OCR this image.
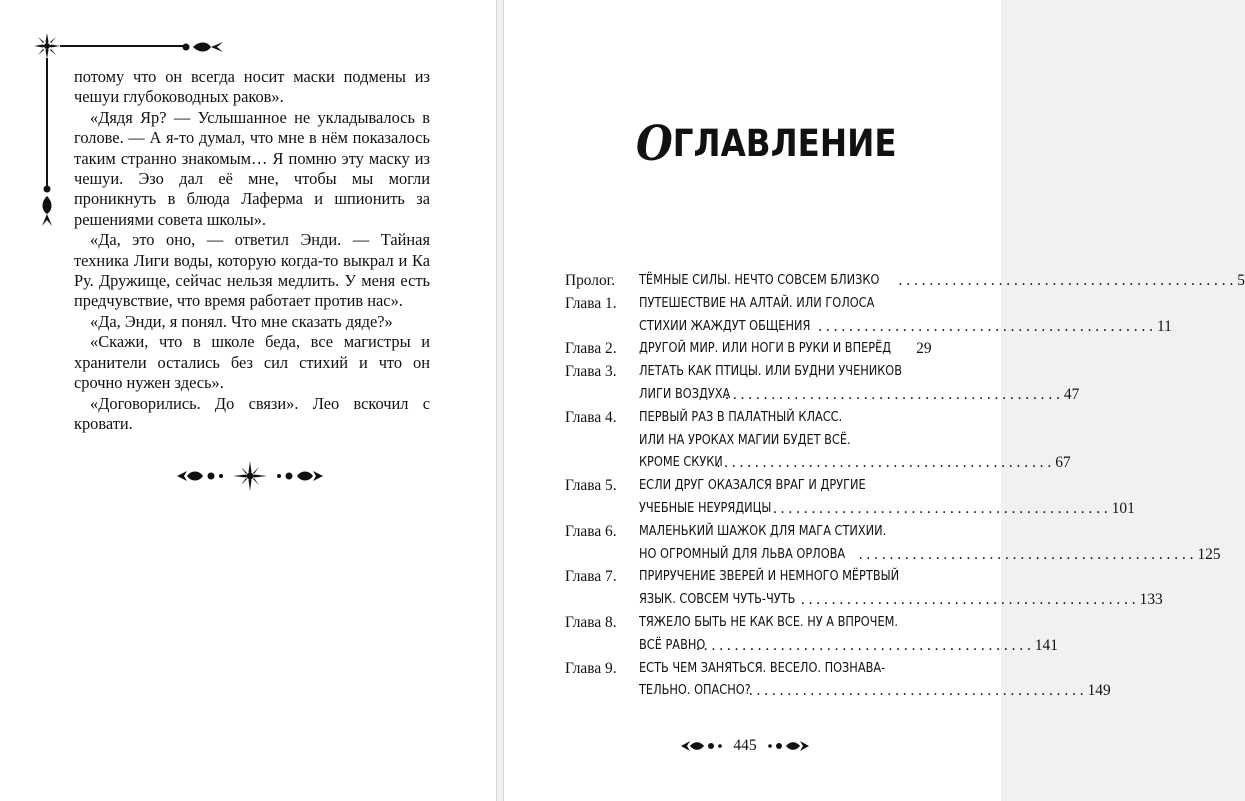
потому что он всегда носит маски подмены из чешуи глубоководных раков».

«Дядя Яр? — Услышанное не укладывалось в голове. — А я-то думал, что мне в нём показалось таким странно знакомым… Я помню эту маску из чешуи. Эзо дал её мне, чтобы мы могли проникнуть в блюда Лаферма и шпионить за решениями совета школы».

«Да, это оно, — ответил Энди. — Тайная техника Лиги воды, которую когда-то выкрал и Ка Ру. Дружище, сейчас нельзя медлить. У меня есть предчувствие, что время работает против нас».

«Да, Энди, я понял. Что мне сказать дяде?»

«Скажи, что в школе беда, все магистры и хранители остались без сил стихий и что он срочно нужен здесь».

«Договорились. До связи». Лео вскочил с кровати.

ОГЛАВЛЕНИЕ
Пролог.	ТЁМНЫЕ СИЛЫ. НЕЧТО СОВСЕМ БЛИЗКО . . .	5
Глава 1.	ПУТЕШЕСТВИЕ НА АЛТАЙ. ИЛИ ГОЛОСА
СТИХИИ ЖАЖДУТ ОБЩЕНИЯ . . .	11
Глава 2.	ДРУГОЙ МИР. ИЛИ НОГИ В РУКИ И ВПЕРЁД 29
Глава 3.	ЛЕТАТЬ КАК ПТИЦЫ. ИЛИ БУДНИ УЧЕНИКОВ
ЛИГИ ВОЗДУХА . . .	47
Глава 4.	ПЕРВЫЙ РАЗ В ПАЛАТНЫЙ КЛАСС.
ИЛИ НА УРОКАХ МАГИИ БУДЕТ ВСЁ.
КРОМЕ СКУКИ . . .	67
Глава 5.	ЕСЛИ ДРУГ ОКАЗАЛСЯ ВРАГ И ДРУГИЕ
УЧЕБНЫЕ НЕУРЯДИЦЫ . . .	101
Глава 6.	МАЛЕНЬКИЙ ШАЖОК ДЛЯ МАГА СТИХИИ.
НО ОГРОМНЫЙ ДЛЯ ЛЬВА ОРЛОВА . . .	125
Глава 7.	ПРИРУЧЕНИЕ ЗВЕРЕЙ И НЕМНОГО МЁРТВЫЙ
ЯЗЫК. СОВСЕМ ЧУТЬ-ЧУТЬ . . .	133
Глава 8.	ТЯЖЕЛО БЫТЬ НЕ КАК ВСЕ. НУ А ВПРОЧЕМ.
ВСЁ РАВНО . . .	141
Глава 9.	ЕСТЬ ЧЕМ ЗАНЯТЬСЯ. ВЕСЕЛО. ПОЗНАВА-
ТЕЛЬНО. ОПАСНО? . . .	149
445
